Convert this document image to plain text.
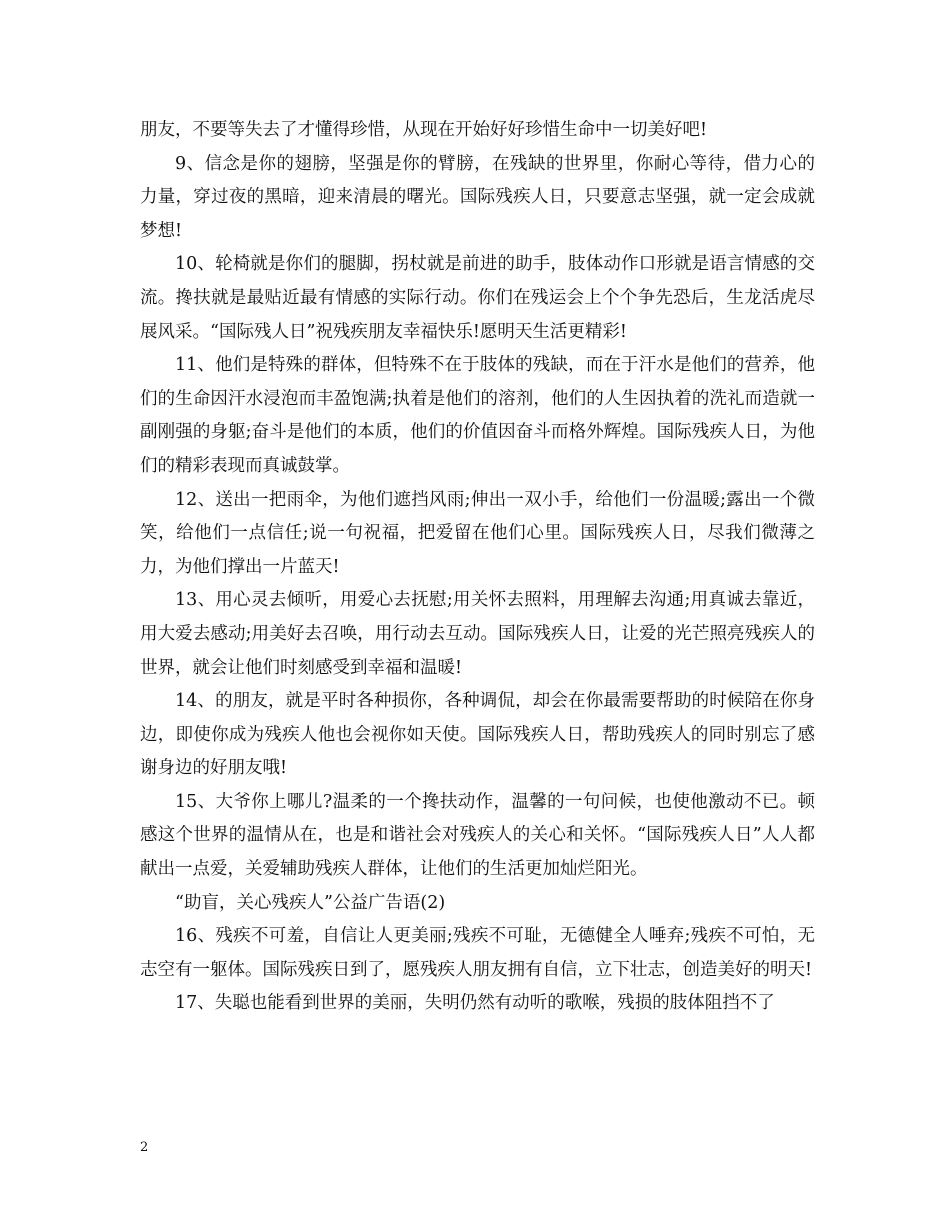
朋友，不要等失去了才懂得珍惜，从现在开始好好珍惜生命中一切美好吧!

9、信念是你的翅膀，坚强是你的臂膀，在残缺的世界里，你耐心等待，借力心的力量，穿过夜的黑暗，迎来清晨的曙光。国际残疾人日，只要意志坚强，就一定会成就梦想!

10、轮椅就是你们的腿脚，拐杖就是前进的助手，肢体动作口形就是语言情感的交流。搀扶就是最贴近最有情感的实际行动。你们在残运会上个个争先恐后，生龙活虎尽展风采。“国际残人日”祝残疾朋友幸福快乐!愿明天生活更精彩!

11、他们是特殊的群体，但特殊不在于肢体的残缺，而在于汗水是他们的营养，他们的生命因汗水浸泡而丰盈饱满;执着是他们的溶剂，他们的人生因执着的洗礼而造就一副刚强的身躯;奋斗是他们的本质，他们的价值因奋斗而格外辉煌。国际残疾人日，为他们的精彩表现而真诚鼓掌。

12、送出一把雨伞，为他们遮挡风雨;伸出一双小手，给他们一份温暖;露出一个微笑，给他们一点信任;说一句祝福，把爱留在他们心里。国际残疾人日，尽我们微薄之力，为他们撑出一片蓝天!

13、用心灵去倾听，用爱心去抚慰;用关怀去照料，用理解去沟通;用真诚去靠近，用大爱去感动;用美好去召唤，用行动去互动。国际残疾人日，让爱的光芒照亮残疾人的世界，就会让他们时刻感受到幸福和温暖!

14、的朋友，就是平时各种损你，各种调侃，却会在你最需要帮助的时候陪在你身边，即使你成为残疾人他也会视你如天使。国际残疾人日，帮助残疾人的同时别忘了感谢身边的好朋友哦!

15、大爷你上哪儿?温柔的一个搀扶动作，温馨的一句问候，也使他激动不已。顿感这个世界的温情从在，也是和谐社会对残疾人的关心和关怀。“国际残疾人日”人人都献出一点爱，关爱辅助残疾人群体，让他们的生活更加灿烂阳光。

“助盲，关心残疾人”公益广告语(2)

16、残疾不可羞，自信让人更美丽;残疾不可耻，无德健全人唾弃;残疾不可怕，无志空有一躯体。国际残疾日到了，愿残疾人朋友拥有自信，立下壮志，创造美好的明天!

17、失聪也能看到世界的美丽，失明仍然有动听的歌喉，残损的肢体阻挡不了

2
